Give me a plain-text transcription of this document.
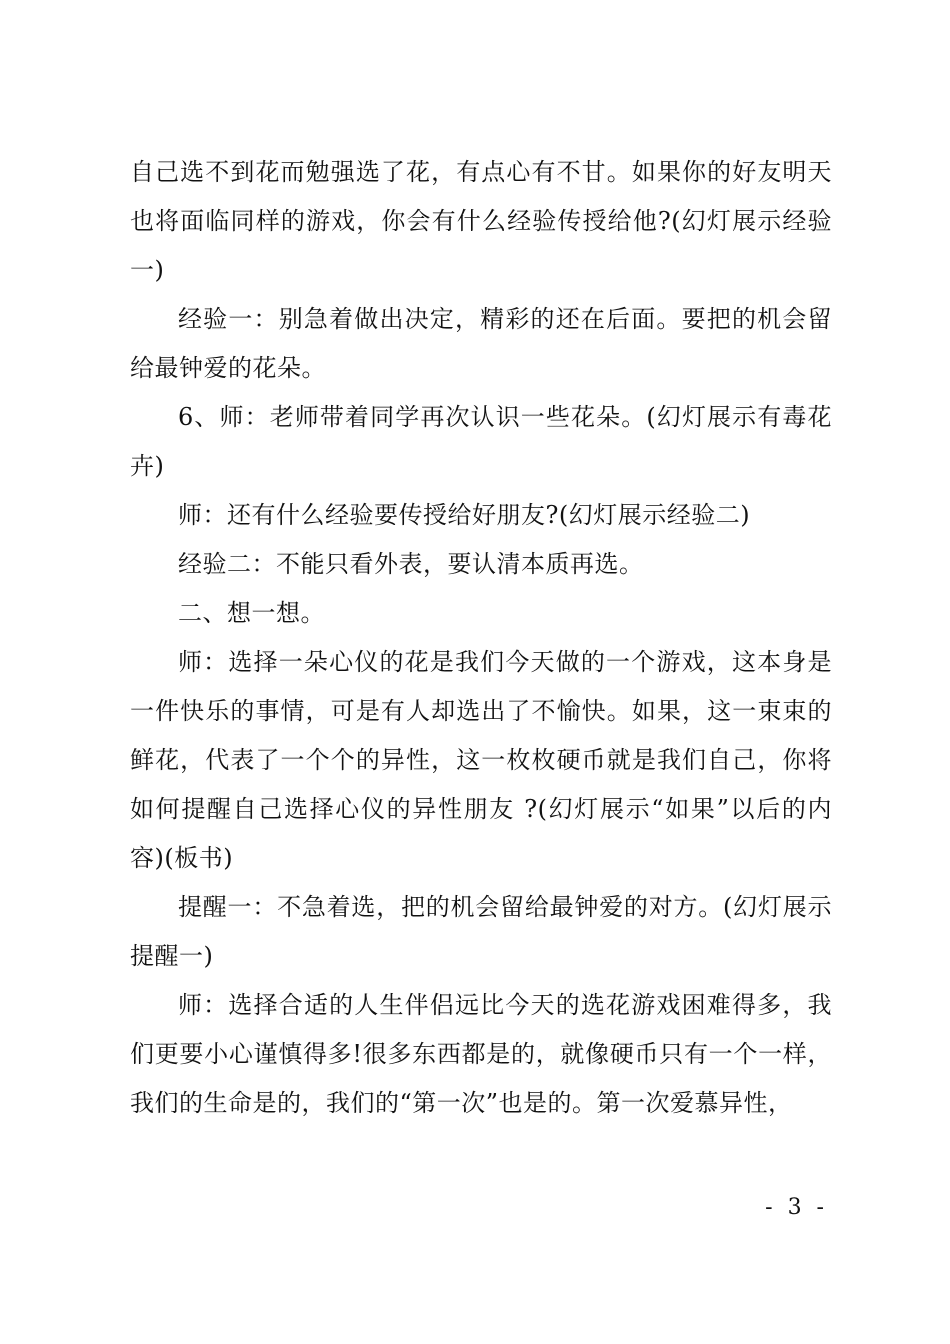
自己选不到花而勉强选了花，有点心有不甘。如果你的好友明天也将面临同样的游戏，你会有什么经验传授给他?(幻灯展示经验一)

经验一：别急着做出决定，精彩的还在后面。要把的机会留给最钟爱的花朵。

6、师：老师带着同学再次认识一些花朵。(幻灯展示有毒花卉)

师：还有什么经验要传授给好朋友?(幻灯展示经验二)

经验二：不能只看外表，要认清本质再选。

二、想一想。

师：选择一朵心仪的花是我们今天做的一个游戏，这本身是一件快乐的事情，可是有人却选出了不愉快。如果，这一束束的鲜花，代表了一个个的异性，这一枚枚硬币就是我们自己，你将如何提醒自己选择心仪的异性朋友 ?(幻灯展示“如果”以后的内容)(板书)

提醒一：不急着选，把的机会留给最钟爱的对方。(幻灯展示提醒一)

师：选择合适的人生伴侣远比今天的选花游戏困难得多，我们更要小心谨慎得多!很多东西都是的，就像硬币只有一个一样，我们的生命是的，我们的“第一次”也是的。第一次爱慕异性，

- 3 -
